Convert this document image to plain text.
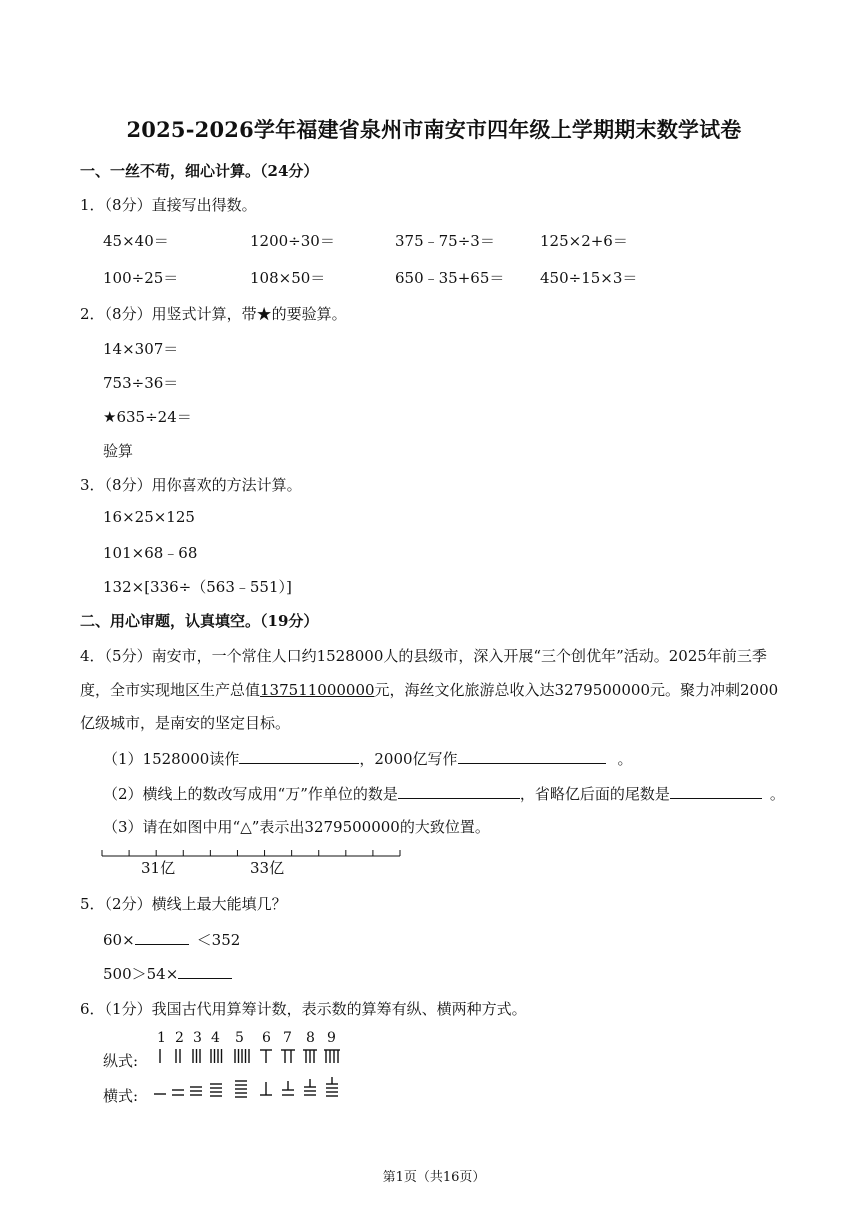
2025-2026学年福建省泉州市南安市四年级上学期期末数学试卷
一、一丝不苟，细心计算。（24分）
1．（8分）直接写出得数。
45×40＝	1200÷30＝	375﹣75÷3＝	125×2+6＝
100÷25＝	108×50＝	650﹣35+65＝ 450÷15×3＝
2．（8分）用竖式计算，带★的要验算。
14×307＝
753÷36＝
★635÷24＝
验算
3．（8分）用你喜欢的方法计算。
16×25×125
101×68﹣68
132×[336÷（563﹣551）]
二、用心审题，认真填空。（19分）
4．（5分）南安市，一个常住人口约1528000人的县级市，深入开展“三个创优年”活动。2025年前三季
度，全市实现地区生产总值137511000000元，海丝文化旅游总收入达3279500000元。聚力冲刺2000
亿级城市，是南安的坚定目标。
（1）1528000读作	，2000亿写作	。
（2）横线上的数改写成用“万”作单位的数是	，省略亿后面的尾数是	。
（3）请在如图中用“△”表示出3279500000的大致位置。
31亿	33亿
5．（2分）横线上最大能填几？
60×	＜352
500＞54×
6．（1分）我国古代用算筹计数，表示数的算筹有纵、横两种方式。
1 2 3 4 5 6 7 8 9
纵式:
横式:
第1页（共16页）
